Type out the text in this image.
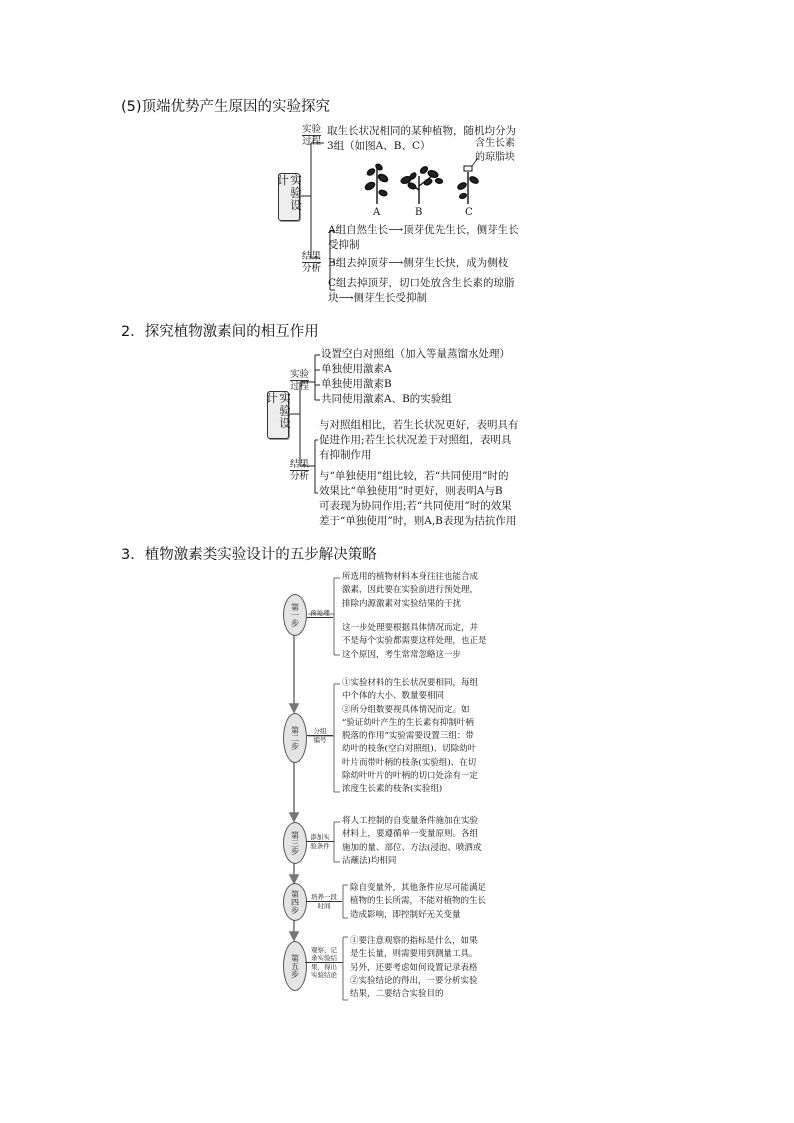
(5)顶端优势产生原因的实验探究
实验设计
实验
过程
取生长状况相同的某种植物，随机均分为
3组（如图A、B、C）	含生长素
的琼脂块
A	B	C
结果
分析
A组自然生长⟶顶芽优先生长，侧芽生长
受抑制
B组去掉顶芽⟶侧芽生长快，成为侧枝
C组去掉顶芽，切口处放含生长素的琼脂
块⟶侧芽生长受抑制
2．探究植物激素间的相互作用
实验设计
实验
过程
设置空白对照组（加入等量蒸馏水处理）
单独使用激素A
单独使用激素B
共同使用激素A、B的实验组
结果
分析
与对照组相比，若生长状况更好，表明具有
促进作用;若生长状况差于对照组，表明具
有抑制作用
与“单独使用”组比较，若“共同使用”时的
效果比“单独使用”时更好，则表明A与B
可表现为协同作用;若“共同使用”时的效果
差于“单独使用”时，则A,B表现为拮抗作用
3．植物激素类实验设计的五步解决策略
第一步	预处理
所选用的植物材料本身往往也能合成
激素，因此要在实验前进行预处理，
排除内源激素对实验结果的干扰
这一步处理要根据具体情况而定，并
不是每个实验都需要这样处理，也正是
这个原因，考生常常忽略这一步
第二步	分组
编号
①实验材料的生长状况要相同，每组
中个体的大小、数量要相同
②所分组数要视具体情况而定。如
“验证幼叶产生的生长素有抑制叶柄
脱落的作用”实验需要设置三组：带
幼叶的枝条(空白对照组)、切除幼叶
叶片而带叶柄的枝条(实验组)、在切
除幼叶叶片的叶柄的切口处涂有一定
浓度生长素的枝条(实验组)
第三步	添加实
验条件
将人工控制的自变量条件施加在实验
材料上，要遵循单一变量原则。各组
施加的量、部位、方法(浸泡、喷洒或
沾蘸法)均相同
第四步	培养一段
时间
除自变量外，其他条件应尽可能满足
植物的生长所需，不能对植物的生长
造成影响，即控制好无关变量
第五步
观察、记
录实验结
果，得出
实验结论
①要注意观察的指标是什么，如果
是生长量，则需要用到测量工具。
另外，还要考虑如何设置记录表格
②实验结论的得出，一要分析实验
结果，二要结合实验目的
